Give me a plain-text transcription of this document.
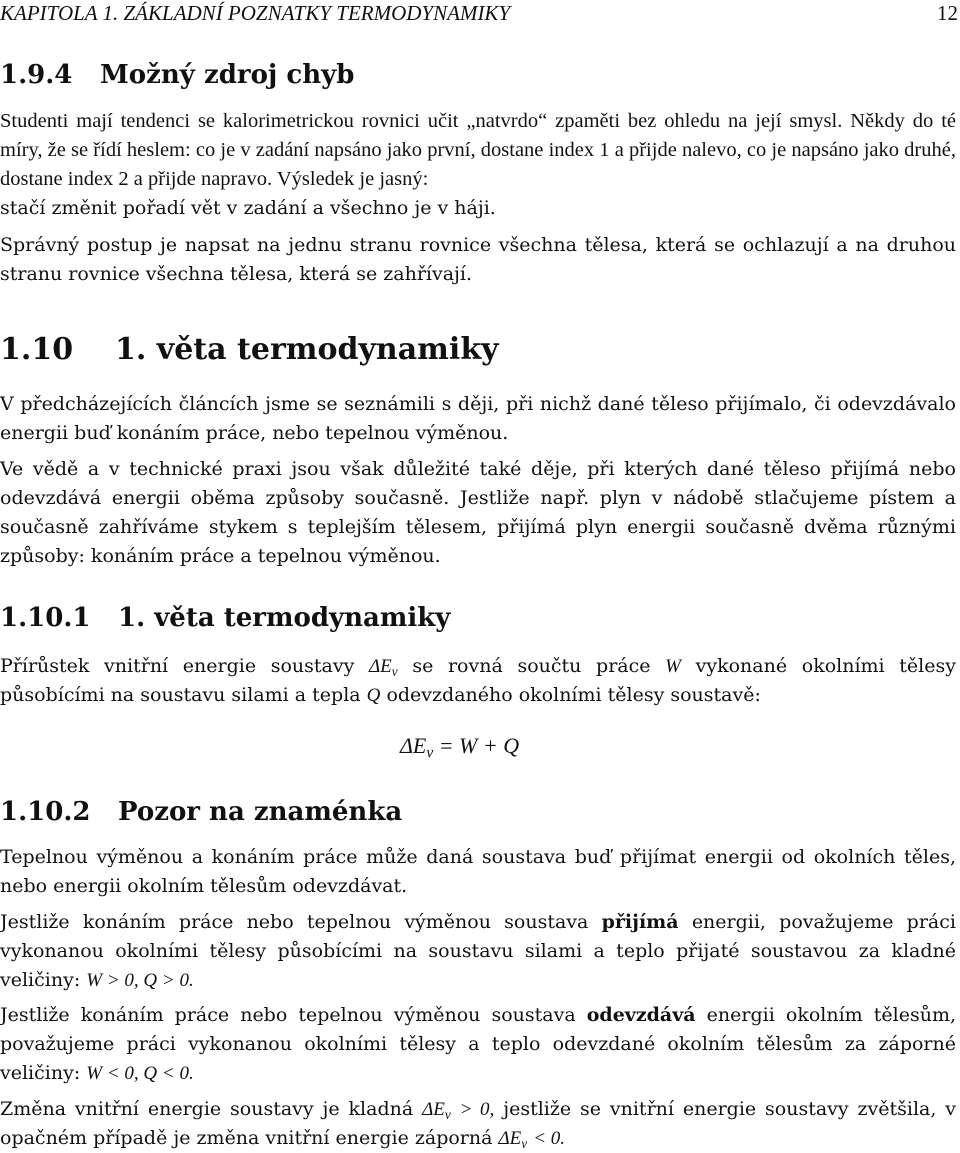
KAPITOLA 1. ZÁKLADNÍ POZNATKY TERMODYNAMIKY	12
1.9.4 Možný zdroj chyb

Studenti mají tendenci se kalorimetrickou rovnici učit „natvrdo“ zpaměti bez ohledu na její smysl. Někdy do té míry, že se řídí heslem: co je v zadání napsáno jako první, dostane index 1 a přijde nalevo, co je napsáno jako druhé, dostane index 2 a přijde napravo. Výsledek je jasný:

stačí změnit pořadí vět v zadání a všechno je v háji.

Správný postup je napsat na jednu stranu rovnice všechna tělesa, která se ochlazují a na druhou stranu rovnice všechna tělesa, která se zahřívají.

1.10 1. věta termodynamiky

V předcházejících článcích jsme se seznámili s ději, při nichž dané těleso přijímalo, či odevzdávalo energii buď konáním práce, nebo tepelnou výměnou.

Ve vědě a v technické praxi jsou však důležité také děje, při kterých dané těleso přijímá nebo odevzdává energii oběma způsoby současně. Jestliže např. plyn v nádobě stlačujeme pístem a současně zahříváme stykem s teplejším tělesem, přijímá plyn energii současně dvěma různými způsoby: konáním práce a tepelnou výměnou.

1.10.1 1. věta termodynamiky

Přírůstek vnitřní energie soustavy $\Delta E_v$ se rovná součtu práce W vykonané okolními tělesy působícími na soustavu silami a tepla Q odevzdaného okolními tělesy soustavě:

$\Delta E_v = W + Q$
1.10.2 Pozor na znaménka

Tepelnou výměnou a konáním práce může daná soustava buď přijímat energii od okolních těles, nebo energii okolním tělesům odevzdávat.

Jestliže konáním práce nebo tepelnou výměnou soustava přijímá energii, považujeme práci vykonanou okolními tělesy působícími na soustavu silami a teplo přijaté soustavou za kladné veličiny: W > 0, Q > 0.

Jestliže konáním práce nebo tepelnou výměnou soustava odevzdává energii okolním tělesům, považujeme práci vykonanou okolními tělesy a teplo odevzdané okolním tělesům za záporné veličiny: W < 0, Q < 0.

Změna vnitřní energie soustavy je kladná $\Delta E_v > 0$, jestliže se vnitřní energie soustavy zvětšila, v opačném případě je změna vnitřní energie záporná $\Delta E_v < 0$.
